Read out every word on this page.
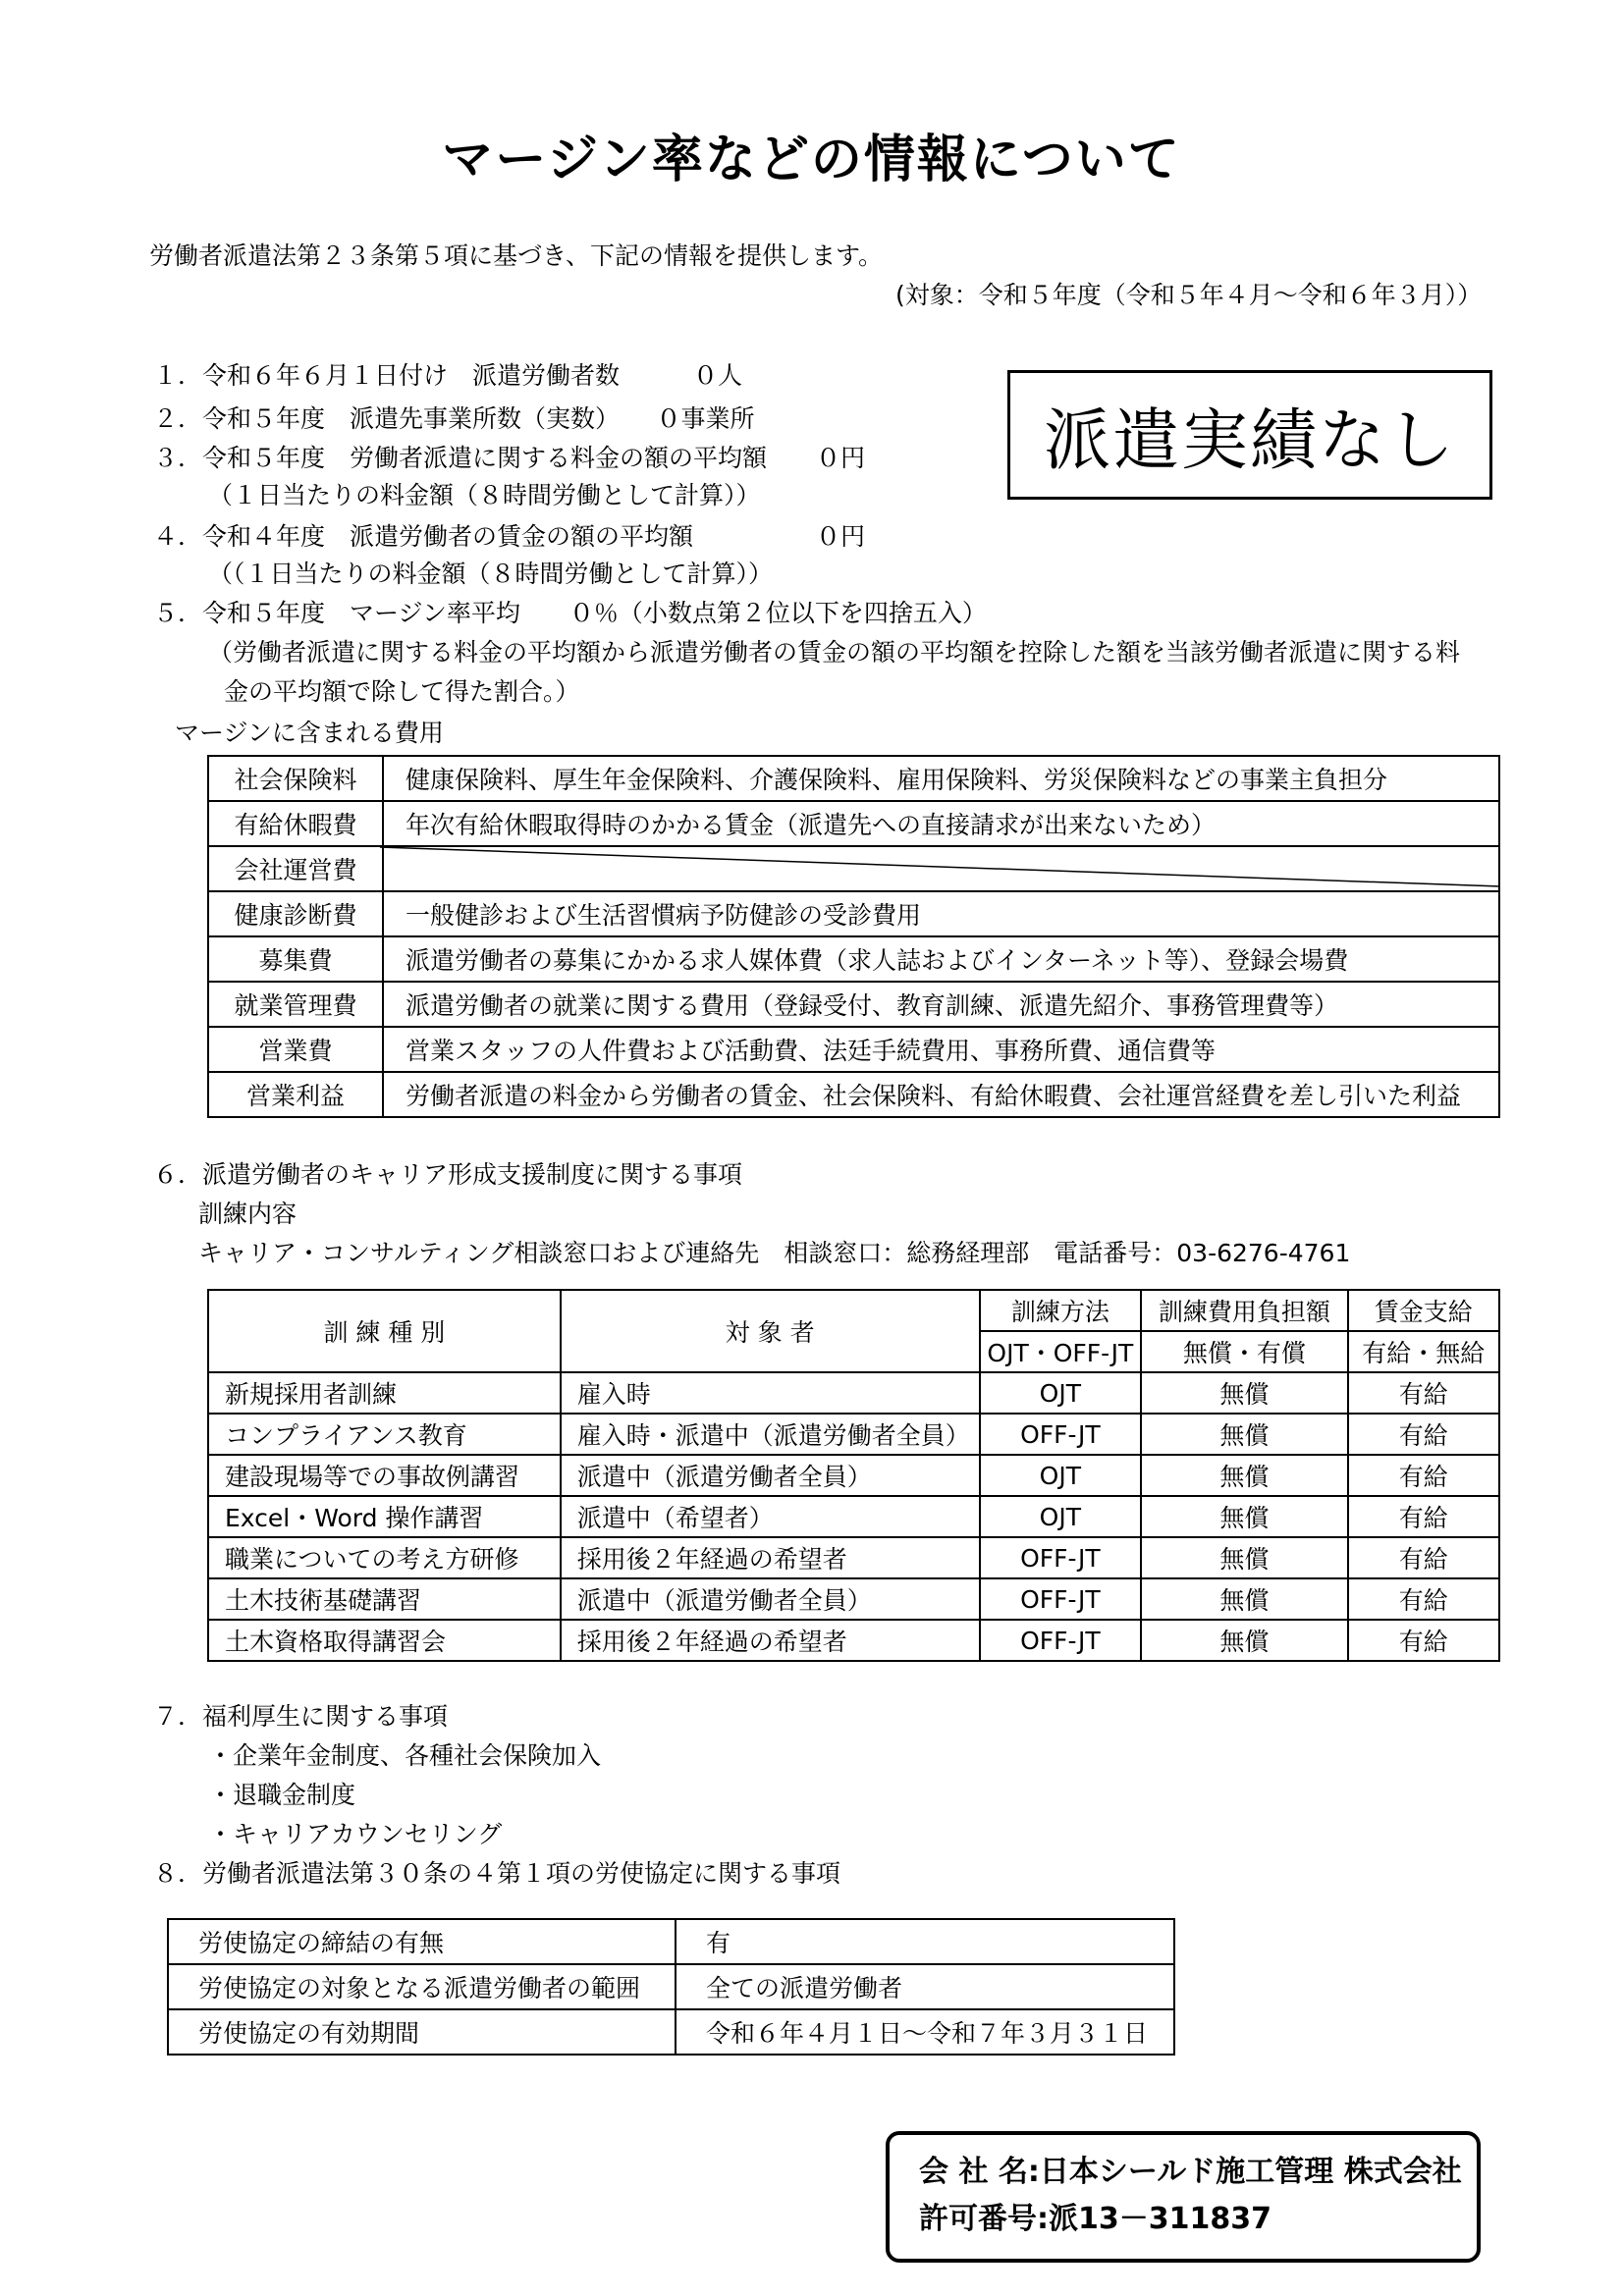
マージン率などの情報について
労働者派遣法第２３条第５項に基づき、下記の情報を提供します。
(対象：令和５年度（令和５年４月～令和６年３月））
１．令和６年６月１日付け　派遣労働者数　　　０人
２．令和５年度　派遣先事業所数（実数）　　０事業所
３．令和５年度　労働者派遣に関する料金の額の平均額　　０円
（１日当たりの料金額（８時間労働として計算））
４．令和４年度　派遣労働者の賃金の額の平均額　　　　　０円
（（１日当たりの料金額（８時間労働として計算））
５．令和５年度　マージン率平均　　０％（小数点第２位以下を四捨五入）
（労働者派遣に関する料金の平均額から派遣労働者の賃金の額の平均額を控除した額を当該労働者派遣に関する料
金の平均額で除して得た割合。）
派遣実績なし
マージンに含まれる費用
社会保険料	健康保険料、厚生年金保険料、介護保険料、雇用保険料、労災保険料などの事業主負担分
有給休暇費	年次有給休暇取得時のかかる賃金（派遣先への直接請求が出来ないため）
会社運営費	
健康診断費	一般健診および生活習慣病予防健診の受診費用
募集費	派遣労働者の募集にかかる求人媒体費（求人誌およびインターネット等）、登録会場費
就業管理費	派遣労働者の就業に関する費用（登録受付、教育訓練、派遣先紹介、事務管理費等）
営業費	営業スタッフの人件費および活動費、法廷手続費用、事務所費、通信費等
営業利益	労働者派遣の料金から労働者の賃金、社会保険料、有給休暇費、会社運営経費を差し引いた利益
６．派遣労働者のキャリア形成支援制度に関する事項
訓練内容
キャリア・コンサルティング相談窓口および連絡先　相談窓口：総務経理部　電話番号：03-6276-4761
訓 練 種 別	対 象 者	訓練方法	訓練費用負担額	賃金支給
		OJT・OFF-JT	無償・有償	有給・無給
新規採用者訓練	雇入時	OJT	無償	有給
コンプライアンス教育	雇入時・派遣中（派遣労働者全員）	OFF-JT	無償	有給
建設現場等での事故例講習	派遣中（派遣労働者全員）	OJT	無償	有給
Excel・Word 操作講習	派遣中（希望者）	OJT	無償	有給
職業についての考え方研修	採用後２年経過の希望者	OFF-JT	無償	有給
土木技術基礎講習	派遣中（派遣労働者全員）	OFF-JT	無償	有給
土木資格取得講習会	採用後２年経過の希望者	OFF-JT	無償	有給
７．福利厚生に関する事項
・企業年金制度、各種社会保険加入
・退職金制度
・キャリアカウンセリング
８．労働者派遣法第３０条の４第１項の労使協定に関する事項
労使協定の締結の有無	有
労使協定の対象となる派遣労働者の範囲	全ての派遣労働者
労使協定の有効期間	令和６年４月１日～令和７年３月３１日
会 社 名:日本シールド施工管理 株式会社
許可番号:派13－311837
